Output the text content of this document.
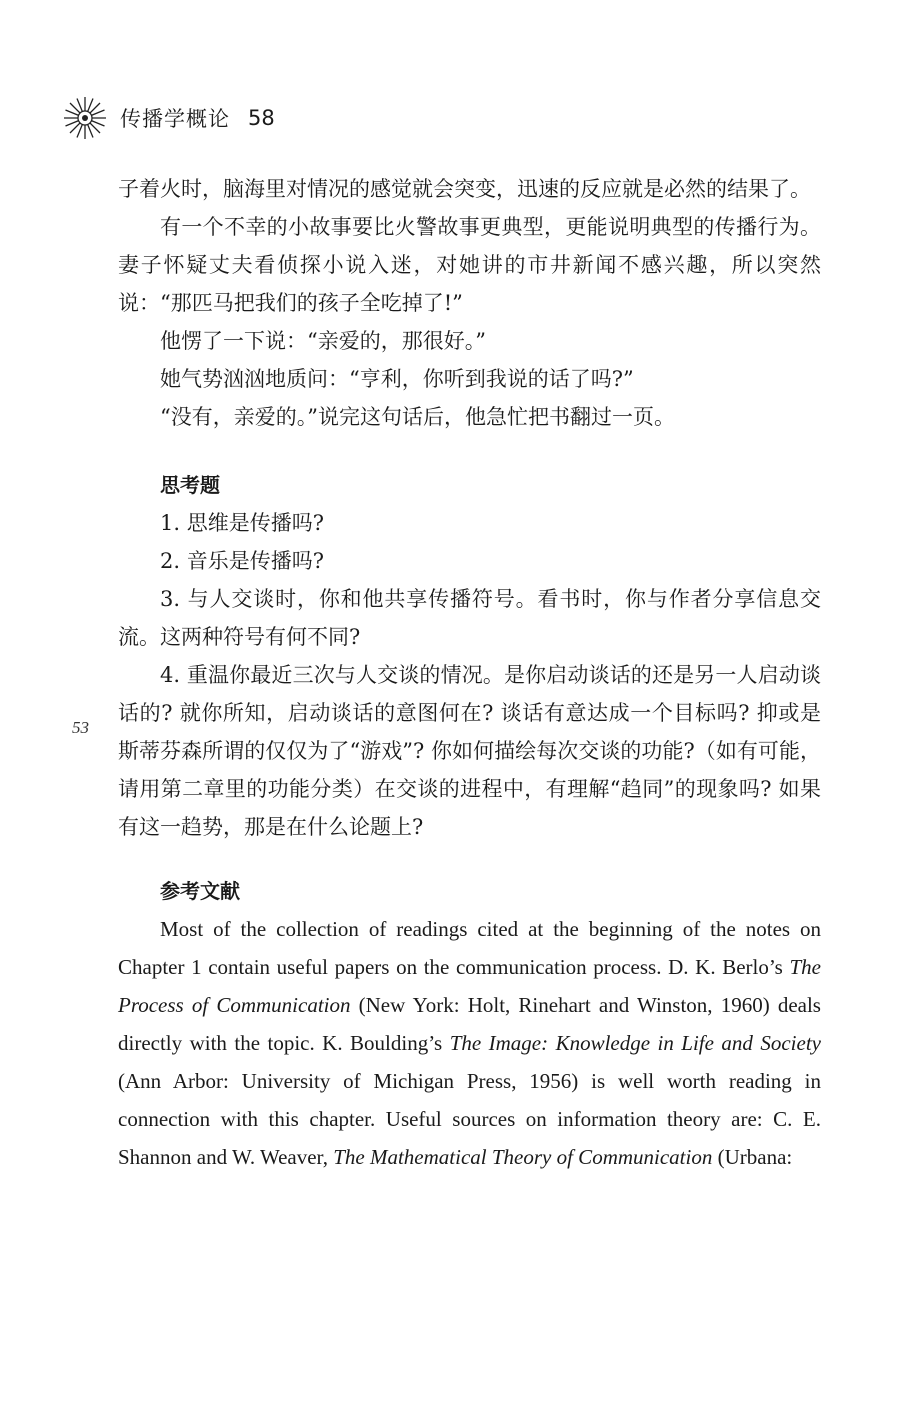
传播学概论 58
53

子着火时，脑海里对情况的感觉就会突变，迅速的反应就是必然的结果了。

有一个不幸的小故事要比火警故事更典型，更能说明典型的传播行为。妻子怀疑丈夫看侦探小说入迷，对她讲的市井新闻不感兴趣，所以突然说：“那匹马把我们的孩子全吃掉了!”

他愣了一下说：“亲爱的，那很好。”

她气势汹汹地质问：“亨利，你听到我说的话了吗?”

“没有，亲爱的。”说完这句话后，他急忙把书翻过一页。

思考题

1. 思维是传播吗?

2. 音乐是传播吗?

3. 与人交谈时，你和他共享传播符号。看书时，你与作者分享信息交流。这两种符号有何不同?

4. 重温你最近三次与人交谈的情况。是你启动谈话的还是另一人启动谈话的? 就你所知，启动谈话的意图何在? 谈话有意达成一个目标吗? 抑或是斯蒂芬森所谓的仅仅为了“游戏”? 你如何描绘每次交谈的功能?（如有可能，请用第二章里的功能分类）在交谈的进程中，有理解“趋同”的现象吗? 如果有这一趋势，那是在什么论题上?

参考文献

Most of the collection of readings cited at the beginning of the notes on Chapter 1 contain useful papers on the communication process. D. K. Berlo’s The Process of Communication (New York: Holt, Rinehart and Winston, 1960) deals directly with the topic. K. Boulding’s The Image: Knowledge in Life and Society (Ann Arbor: University of Michigan Press, 1956) is well worth reading in connection with this chapter. Useful sources on information theory are: C. E. Shannon and W. Weaver, The Mathematical Theory of Communication (Urbana:
